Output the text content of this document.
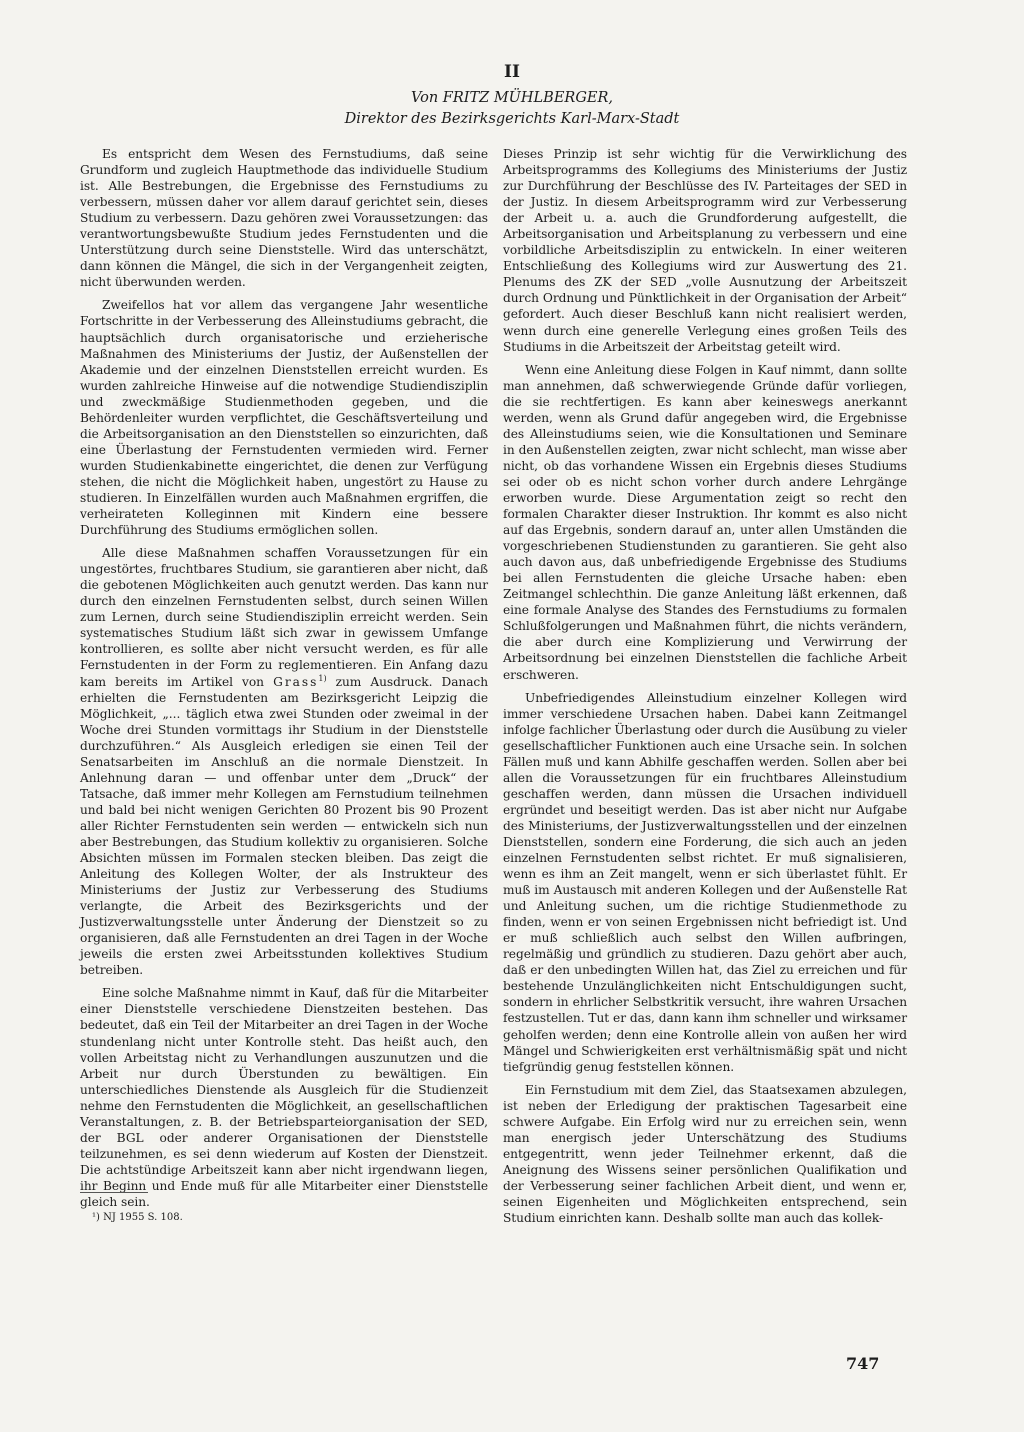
II
Von FRITZ MÜHLBERGER,
Direktor des Bezirksgerichts Karl-Marx-Stadt

Es entspricht dem Wesen des Fernstudiums, daß seine Grundform und zugleich Hauptmethode das individuelle Studium ist. Alle Bestrebungen, die Ergebnisse des Fernstudiums zu verbessern, müssen daher vor allem darauf gerichtet sein, dieses Studium zu verbessern. Dazu gehören zwei Voraussetzungen: das verantwortungsbewußte Studium jedes Fernstudenten und die Unterstützung durch seine Dienststelle. Wird das unterschätzt, dann können die Mängel, die sich in der Vergangenheit zeigten, nicht überwunden werden.

Zweifellos hat vor allem das vergangene Jahr wesentliche Fortschritte in der Verbesserung des Alleinstudiums gebracht, die hauptsächlich durch organisatorische und erzieherische Maßnahmen des Ministeriums der Justiz, der Außenstellen der Akademie und der einzelnen Dienststellen erreicht wurden. Es wurden zahlreiche Hinweise auf die notwendige Studiendisziplin und zweckmäßige Studienmethoden gegeben, und die Behördenleiter wurden verpflichtet, die Geschäftsverteilung und die Arbeitsorganisation an den Dienststellen so einzurichten, daß eine Überlastung der Fernstudenten vermieden wird. Ferner wurden Studienkabinette eingerichtet, die denen zur Verfügung stehen, die nicht die Möglichkeit haben, ungestört zu Hause zu studieren. In Einzelfällen wurden auch Maßnahmen ergriffen, die verheirateten Kolleginnen mit Kindern eine bessere Durchführung des Studiums ermöglichen sollen.

Alle diese Maßnahmen schaffen Voraussetzungen für ein ungestörtes, fruchtbares Studium, sie garantieren aber nicht, daß die gebotenen Möglichkeiten auch genutzt werden. Das kann nur durch den einzelnen Fernstudenten selbst, durch seinen Willen zum Lernen, durch seine Studiendisziplin erreicht werden. Sein systematisches Studium läßt sich zwar in gewissem Umfange kontrollieren, es sollte aber nicht versucht werden, es für alle Fernstudenten in der Form zu reglementieren. Ein Anfang dazu kam bereits im Artikel von Grass$^{1)}$ zum Ausdruck. Danach erhielten die Fernstudenten am Bezirksgericht Leipzig die Möglichkeit, „... täglich etwa zwei Stunden oder zweimal in der Woche drei Stunden vormittags ihr Studium in der Dienststelle durchzuführen.“ Als Ausgleich erledigen sie einen Teil der Senatsarbeiten im Anschluß an die normale Dienstzeit. In Anlehnung daran — und offenbar unter dem „Druck“ der Tatsache, daß immer mehr Kollegen am Fernstudium teilnehmen und bald bei nicht wenigen Gerichten 80 Prozent bis 90 Prozent aller Richter Fernstudenten sein werden — entwickeln sich nun aber Bestrebungen, das Studium kollektiv zu organisieren. Solche Absichten müssen im Formalen stecken bleiben. Das zeigt die Anleitung des Kollegen Wolter, der als Instrukteur des Ministeriums der Justiz zur Verbesserung des Studiums verlangte, die Arbeit des Bezirksgerichts und der Justizverwaltungsstelle unter Änderung der Dienstzeit so zu organisieren, daß alle Fernstudenten an drei Tagen in der Woche jeweils die ersten zwei Arbeitsstunden kollektives Studium betreiben.

Eine solche Maßnahme nimmt in Kauf, daß für die Mitarbeiter einer Dienststelle verschiedene Dienstzeiten bestehen. Das bedeutet, daß ein Teil der Mitarbeiter an drei Tagen in der Woche stundenlang nicht unter Kontrolle steht. Das heißt auch, den vollen Arbeitstag nicht zu Verhandlungen auszunutzen und die Arbeit nur durch Überstunden zu bewältigen. Ein unterschiedliches Dienstende als Ausgleich für die Studienzeit nehme den Fernstudenten die Möglichkeit, an gesellschaftlichen Veranstaltungen, z. B. der Betriebsparteiorganisation der SED, der BGL oder anderer Organisationen der Dienststelle teilzunehmen, es sei denn wiederum auf Kosten der Dienstzeit. Die achtstündige Arbeitszeit kann aber nicht irgendwann liegen, ihr Beginn und Ende muß für alle Mitarbeiter einer Dienststelle gleich sein.

Dieses Prinzip ist sehr wichtig für die Verwirklichung des Arbeitsprogramms des Kollegiums des Ministeriums der Justiz zur Durchführung der Beschlüsse des IV. Parteitages der SED in der Justiz. In diesem Arbeitsprogramm wird zur Verbesserung der Arbeit u. a. auch die Grundforderung aufgestellt, die Arbeitsorganisation und Arbeitsplanung zu verbessern und eine vorbildliche Arbeitsdisziplin zu entwickeln. In einer weiteren Entschließung des Kollegiums wird zur Auswertung des 21. Plenums des ZK der SED „volle Ausnutzung der Arbeitszeit durch Ordnung und Pünktlichkeit in der Organisation der Arbeit“ gefordert. Auch dieser Beschluß kann nicht realisiert werden, wenn durch eine generelle Verlegung eines großen Teils des Studiums in die Arbeitszeit der Arbeitstag geteilt wird.

Wenn eine Anleitung diese Folgen in Kauf nimmt, dann sollte man annehmen, daß schwerwiegende Gründe dafür vorliegen, die sie rechtfertigen. Es kann aber keineswegs anerkannt werden, wenn als Grund dafür angegeben wird, die Ergebnisse des Alleinstudiums seien, wie die Konsultationen und Seminare in den Außenstellen zeigten, zwar nicht schlecht, man wisse aber nicht, ob das vorhandene Wissen ein Ergebnis dieses Studiums sei oder ob es nicht schon vorher durch andere Lehrgänge erworben wurde. Diese Argumentation zeigt so recht den formalen Charakter dieser Instruktion. Ihr kommt es also nicht auf das Ergebnis, sondern darauf an, unter allen Umständen die vorgeschriebenen Studienstunden zu garantieren. Sie geht also auch davon aus, daß unbefriedigende Ergebnisse des Studiums bei allen Fernstudenten die gleiche Ursache haben: eben Zeitmangel schlechthin. Die ganze Anleitung läßt erkennen, daß eine formale Analyse des Standes des Fernstudiums zu formalen Schlußfolgerungen und Maßnahmen führt, die nichts verändern, die aber durch eine Komplizierung und Verwirrung der Arbeitsordnung bei einzelnen Dienststellen die fachliche Arbeit erschweren.

Unbefriedigendes Alleinstudium einzelner Kollegen wird immer verschiedene Ursachen haben. Dabei kann Zeitmangel infolge fachlicher Überlastung oder durch die Ausübung zu vieler gesellschaftlicher Funktionen auch eine Ursache sein. In solchen Fällen muß und kann Abhilfe geschaffen werden. Sollen aber bei allen die Voraussetzungen für ein fruchtbares Alleinstudium geschaffen werden, dann müssen die Ursachen individuell ergründet und beseitigt werden. Das ist aber nicht nur Aufgabe des Ministeriums, der Justizverwaltungsstellen und der einzelnen Dienststellen, sondern eine Forderung, die sich auch an jeden einzelnen Fernstudenten selbst richtet. Er muß signalisieren, wenn es ihm an Zeit mangelt, wenn er sich überlastet fühlt. Er muß im Austausch mit anderen Kollegen und der Außenstelle Rat und Anleitung suchen, um die richtige Studienmethode zu finden, wenn er von seinen Ergebnissen nicht befriedigt ist. Und er muß schließlich auch selbst den Willen aufbringen, regelmäßig und gründlich zu studieren. Dazu gehört aber auch, daß er den unbedingten Willen hat, das Ziel zu erreichen und für bestehende Unzulänglichkeiten nicht Entschuldigungen sucht, sondern in ehrlicher Selbstkritik versucht, ihre wahren Ursachen festzustellen. Tut er das, dann kann ihm schneller und wirksamer geholfen werden; denn eine Kontrolle allein von außen her wird Mängel und Schwierigkeiten erst verhältnismäßig spät und nicht tiefgründig genug feststellen können.

Ein Fernstudium mit dem Ziel, das Staatsexamen abzulegen, ist neben der Erledigung der praktischen Tagesarbeit eine schwere Aufgabe. Ein Erfolg wird nur zu erreichen sein, wenn man energisch jeder Unterschätzung des Studiums entgegentritt, wenn jeder Teilnehmer erkennt, daß die Aneignung des Wissens seiner persönlichen Qualifikation und der Verbesserung seiner fachlichen Arbeit dient, und wenn er, seinen Eigenheiten und Möglichkeiten entsprechend, sein Studium einrichten kann. Deshalb sollte man auch das kollek-

¹) NJ 1955 S. 108.
747
